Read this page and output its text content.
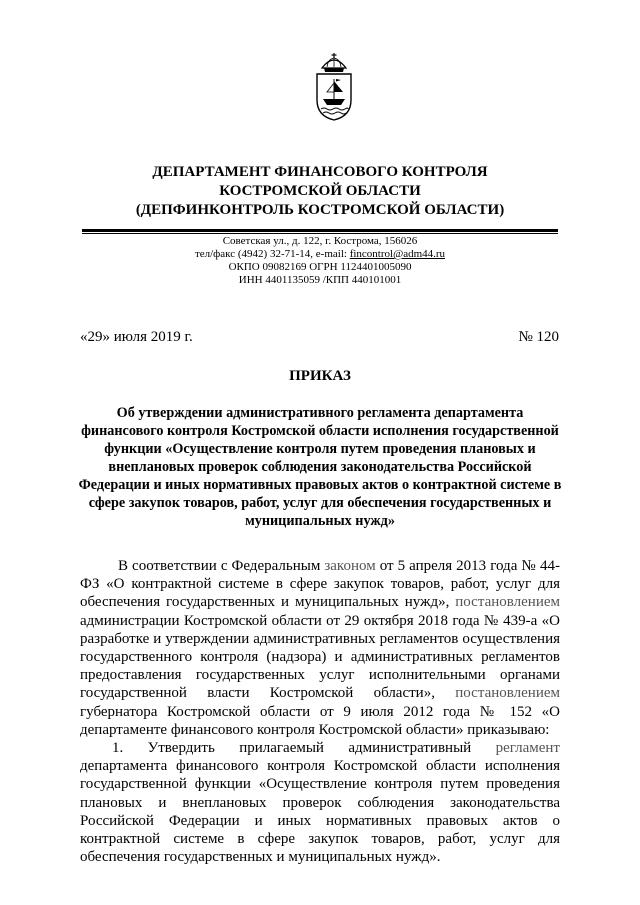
ДЕПАРТАМЕНТ ФИНАНСОВОГО КОНТРОЛЯ
КОСТРОМСКОЙ ОБЛАСТИ
(ДЕПФИНКОНТРОЛЬ КОСТРОМСКОЙ ОБЛАСТИ)
Советская ул., д. 122, г. Кострома, 156026
тел/факс (4942) 32-71-14, e-mail: fincontrol@adm44.ru
ОКПО 09082169 ОГРН 1124401005090
ИНН 4401135059 /КПП 440101001
«29» июля 2019 г.	№ 120
ПРИКАЗ
Об утверждении административного регламента департамента финансового контроля Костромской области исполнения государственной функции «Осуществление контроля путем проведения плановых и внеплановых проверок соблюдения законодательства Российской Федерации и иных нормативных правовых актов о контрактной системе в сфере закупок товаров, работ, услуг для обеспечения государственных и муниципальных нужд»

В соответствии с Федеральным законом от 5 апреля 2013 года № 44-ФЗ «О контрактной системе в сфере закупок товаров, работ, услуг для обеспечения государственных и муниципальных нужд», постановлением администрации Костромской области от 29 октября 2018 года № 439-а «О разработке и утверждении административных регламентов осуществления государственного контроля (надзора) и административных регламентов предоставления государственных услуг исполнительными органами государственной власти Костромской области», постановлением губернатора Костромской области от 9 июля 2012 года № 152 «О департаменте финансового контроля Костромской области» приказываю:

1. Утвердить прилагаемый административный регламент департамента финансового контроля Костромской области исполнения государственной функции «Осуществление контроля путем проведения плановых и внеплановых проверок соблюдения законодательства Российской Федерации и иных нормативных правовых актов о контрактной системе в сфере закупок товаров, работ, услуг для обеспечения государственных и муниципальных нужд».
